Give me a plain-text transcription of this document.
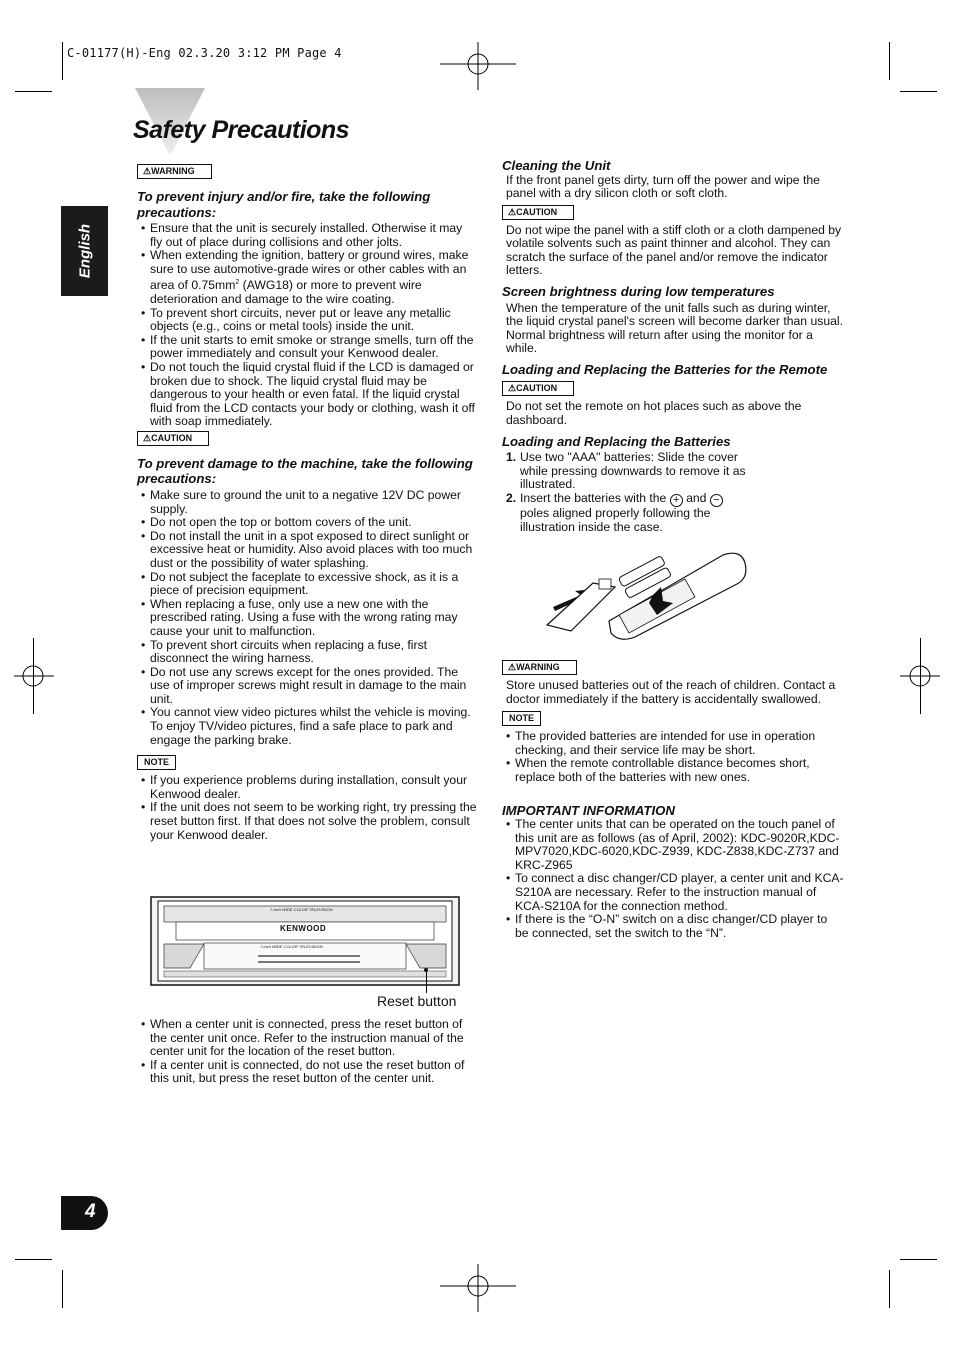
C-01177(H)-Eng 02.3.20 3:12 PM Page 4
Safety Precautions
English
4
⚠WARNING
To prevent injury and/or fire, take the following precautions:
• Ensure that the unit is securely installed. Otherwise it may fly out of place during collisions and other jolts.
• When extending the ignition, battery or ground wires, make sure to use automotive-grade wires or other cables with an area of $0.75mm^2$ (AWG18) or more to prevent wire deterioration and damage to the wire coating.
• To prevent short circuits, never put or leave any metallic objects (e.g., coins or metal tools) inside the unit.
• If the unit starts to emit smoke or strange smells, turn off the power immediately and consult your Kenwood dealer.
• Do not touch the liquid crystal fluid if the LCD is damaged or broken due to shock. The liquid crystal fluid may be dangerous to your health or even fatal. If the liquid crystal fluid from the LCD contacts your body or clothing, wash it off with soap immediately.
⚠CAUTION
To prevent damage to the machine, take the following precautions:
• Make sure to ground the unit to a negative 12V DC power supply.
• Do not open the top or bottom covers of the unit.
• Do not install the unit in a spot exposed to direct sunlight or excessive heat or humidity. Also avoid places with too much dust or the possibility of water splashing.
• Do not subject the faceplate to excessive shock, as it is a piece of precision equipment.
• When replacing a fuse, only use a new one with the prescribed rating. Using a fuse with the wrong rating may cause your unit to malfunction.
• To prevent short circuits when replacing a fuse, first disconnect the wiring harness.
• Do not use any screws except for the ones provided. The use of improper screws might result in damage to the main unit.
• You cannot view video pictures whilst the vehicle is moving. To enjoy TV/video pictures, find a safe place to park and engage the parking brake.
NOTE
• If you experience problems during installation, consult your Kenwood dealer.
• If the unit does not seem to be working right, try pressing the reset button first. If that does not solve the problem, consult your Kenwood dealer.
7-inch WIDE COLOR TELEVISION
KENWOOD
7-inch WIDE COLOR TELEVISION
Reset button
• When a center unit is connected, press the reset button of the center unit once. Refer to the instruction manual of the center unit for the location of the reset button.
• If a center unit is connected, do not use the reset button of this unit, but press the reset button of the center unit.
Cleaning the Unit

If the front panel gets dirty, turn off the power and wipe the panel with a dry silicon cloth or soft cloth.

⚠CAUTION

Do not wipe the panel with a stiff cloth or a cloth dampened by volatile solvents such as paint thinner and alcohol. They can scratch the surface of the panel and/or remove the indicator letters.

Screen brightness during low temperatures

When the temperature of the unit falls such as during winter, the liquid crystal panel's screen will become darker than usual. Normal brightness will return after using the monitor for a while.

Loading and Replacing the Batteries for the Remote
⚠CAUTION

Do not set the remote on hot places such as above the dashboard.

Loading and Replacing the Batteries
1. Use two "AAA" batteries: Slide the cover while pressing downwards to remove it as illustrated.
2. Insert the batteries with the + and − poles aligned properly following the illustration inside the case.
⚠WARNING

Store unused batteries out of the reach of children. Contact a doctor immediately if the battery is accidentally swallowed.

NOTE
• The provided batteries are intended for use in operation checking, and their service life may be short.
• When the remote controllable distance becomes short, replace both of the batteries with new ones.
IMPORTANT INFORMATION
• The center units that can be operated on the touch panel of this unit are as follows (as of April, 2002): KDC-9020R,KDC-MPV7020,KDC-6020,KDC-Z939, KDC-Z838,KDC-Z737 and KRC-Z965
• To connect a disc changer/CD player, a center unit and KCA-S210A are necessary. Refer to the instruction manual of KCA-S210A for the connection method.
• If there is the “O-N” switch on a disc changer/CD player to be connected, set the switch to the “N”.
